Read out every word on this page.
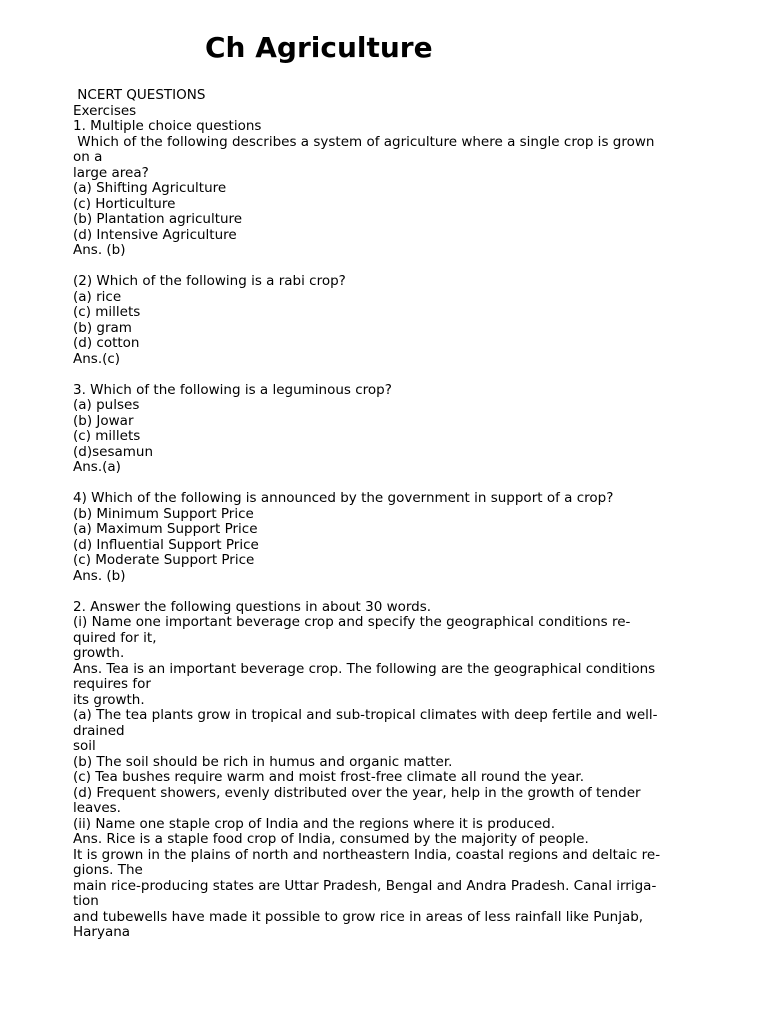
Ch Agriculture
NCERT QUESTIONS
Exercises
1. Multiple choice questions
Which of the following describes a system of agriculture where a single crop is grown
on a
large area?
(a) Shifting Agriculture
(c) Horticulture
(b) Plantation agriculture
(d) Intensive Agriculture
Ans. (b)
(2) Which of the following is a rabi crop?
(a) rice
(c) millets
(b) gram
(d) cotton
Ans.(c)
3. Which of the following is a leguminous crop?
(a) pulses
(b) Jowar
(c) millets
(d)sesamun
Ans.(a)
4) Which of the following is announced by the government in support of a crop?
(b) Minimum Support Price
(a) Maximum Support Price
(d) Influential Support Price
(c) Moderate Support Price
Ans. (b)
2. Answer the following questions in about 30 words.
(i) Name one important beverage crop and specify the geographical conditions re-
quired for it,
growth.
Ans. Tea is an important beverage crop. The following are the geographical conditions
requires for
its growth.
(a) The tea plants grow in tropical and sub-tropical climates with deep fertile and well-
drained
soil
(b) The soil should be rich in humus and organic matter.
(c) Tea bushes require warm and moist frost-free climate all round the year.
(d) Frequent showers, evenly distributed over the year, help in the growth of tender
leaves.
(ii) Name one staple crop of India and the regions where it is produced.
Ans. Rice is a staple food crop of India, consumed by the majority of people.
It is grown in the plains of north and northeastern India, coastal regions and deltaic re-
gions. The
main rice-producing states are Uttar Pradesh, Bengal and Andra Pradesh. Canal irriga-
tion
and tubewells have made it possible to grow rice in areas of less rainfall like Punjab,
Haryana
